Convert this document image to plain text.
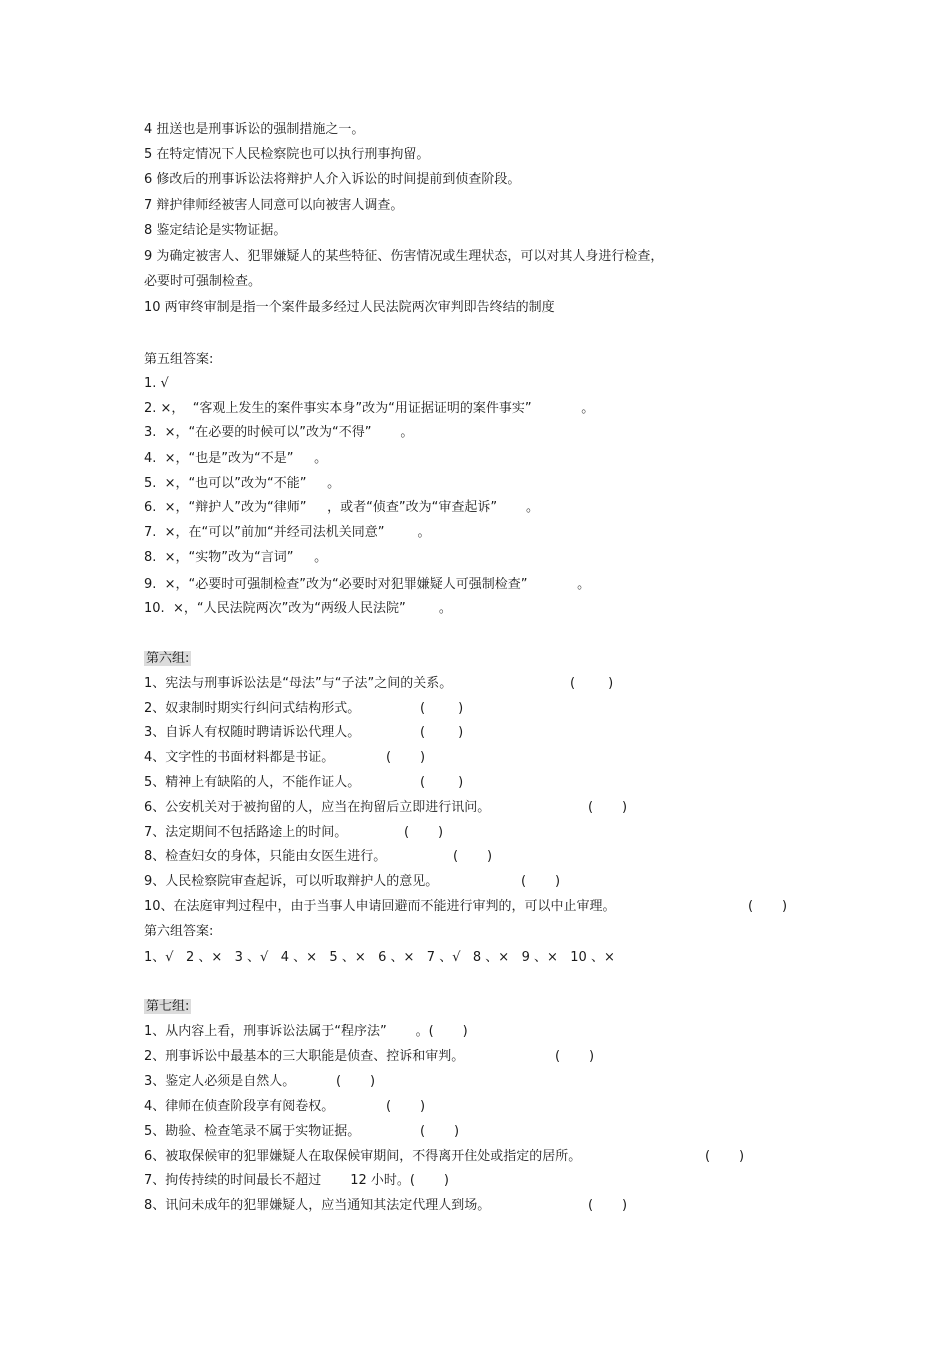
4 扭送也是刑事诉讼的强制措施之一。
5 在特定情况下人民检察院也可以执行刑事拘留。
6 修改后的刑事诉讼法将辩护人介入诉讼的时间提前到侦查阶段。
7 辩护律师经被害人同意可以向被害人调查。
8 鉴定结论是实物证据。
9 为确定被害人、犯罪嫌疑人的某些特征、伤害情况或生理状态，可以对其人身进行检查，
必要时可强制检查。
10 两审终审制是指一个案件最多经过人民法院两次审判即告终结的制度
第五组答案:
1. √
2. ×，  “客观上发生的案件事实本身”改为“用证据证明的案件事实”            。
3.  ×，“在必要的时候可以”改为“不得”       。
4.  ×，“也是”改为“不是”     。
5.  ×，“也可以”改为“不能”     。
6.  ×，“辩护人”改为“律师”     ，或者“侦查”改为“审查起诉”       。
7.  ×，在“可以”前加“并经司法机关同意”        。
8.  ×，“实物”改为“言词”     。
9.  ×，“必要时可强制检查”改为“必要时对犯罪嫌疑人可强制检查”            。
10.  ×，“人民法院两次”改为“两级人民法院”        。
第六组:
1、宪法与刑事诉讼法是“母法”与“子法”之间的关系。	(        )
2、奴隶制时期实行纠问式结构形式。	(        )
3、自诉人有权随时聘请诉讼代理人。	(        )
4、文字性的书面材料都是书证。	(       )
5、精神上有缺陷的人，不能作证人。	(        )
6、公安机关对于被拘留的人，应当在拘留后立即进行讯问。	(       )
7、法定期间不包括路途上的时间。	(       )
8、检查妇女的身体，只能由女医生进行。	(       )
9、人民检察院审查起诉，可以听取辩护人的意见。	(       )
10、在法庭审判过程中，由于当事人申请回避而不能进行审判的，可以中止审理。	(       )
第六组答案:
1、√   2 、×   3 、√   4 、×   5 、×   6 、×   7 、√   8 、×   9 、×   10 、×
第七组:
1、从内容上看，刑事诉讼法属于“程序法”       。(       )
2、刑事诉讼中最基本的三大职能是侦查、控诉和审判。	(       )
3、鉴定人必须是自然人。	(       )
4、律师在侦查阶段享有阅卷权。	(       )
5、勘验、检查笔录不属于实物证据。	(       )
6、被取保候审的犯罪嫌疑人在取保候审期间，不得离开住处或指定的居所。	(       )
7、拘传持续的时间最长不超过       12 小时。(       )
8、讯问未成年的犯罪嫌疑人，应当通知其法定代理人到场。	(       )
